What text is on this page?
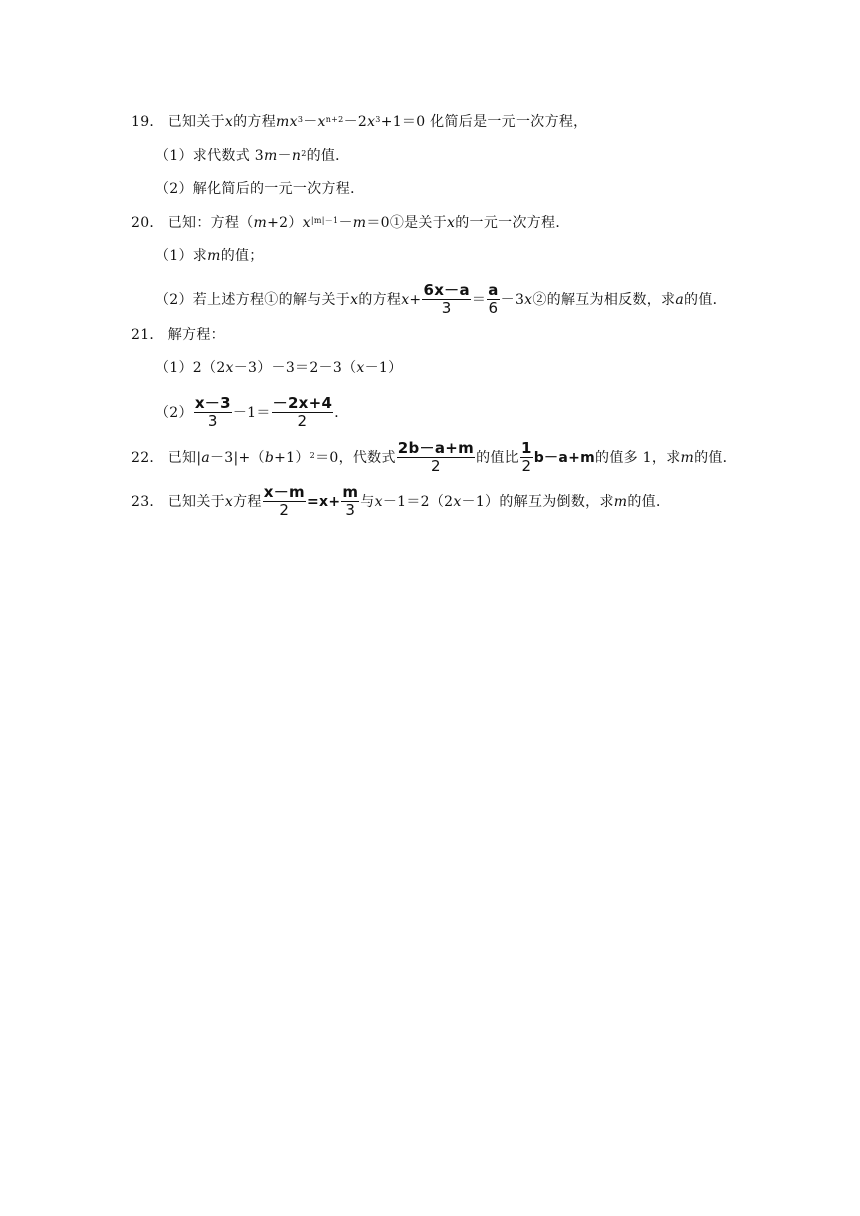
19． 已知关于 x 的方程 m $x^3 - x^{n+2} -2$ $x^3 +1=0$ 化简后是一元一次方程，
（1）求代数式 3 $m - n^2$ 的值．
（2）解化简后的一元一次方程．
20． 已知：方程（ m +2） $x^{|m|-1} - m$ ＝0①是关于 x 的一元一次方程．
（1）求 m 的值；
（2）若上述方程①的解与关于 x 的方程 $x + \frac{6x-a}{3} = \frac{a}{6} -3$ x ②的解互为相反数，求 a 的值．
21． 解方程：
（1）2（2 x －3）－3＝2－3（ x －1）
$(2) \frac{x-3}{3} -1= \frac{-2x+4}{2}$ ．
22． 已知| a －3|+（ b +1）$^2$ ＝0，代数式 $\frac{2b-a+m}{2}$ 的值比 $\frac{1}{2} b-a+m$ 的值多 1，求 m 的值．
23． 已知关于 x 方程 $\frac{x-m}{2} =x+ \frac{m}{3}$ 与 x －1＝2（2 x －1）的解互为倒数，求 m 的值．
